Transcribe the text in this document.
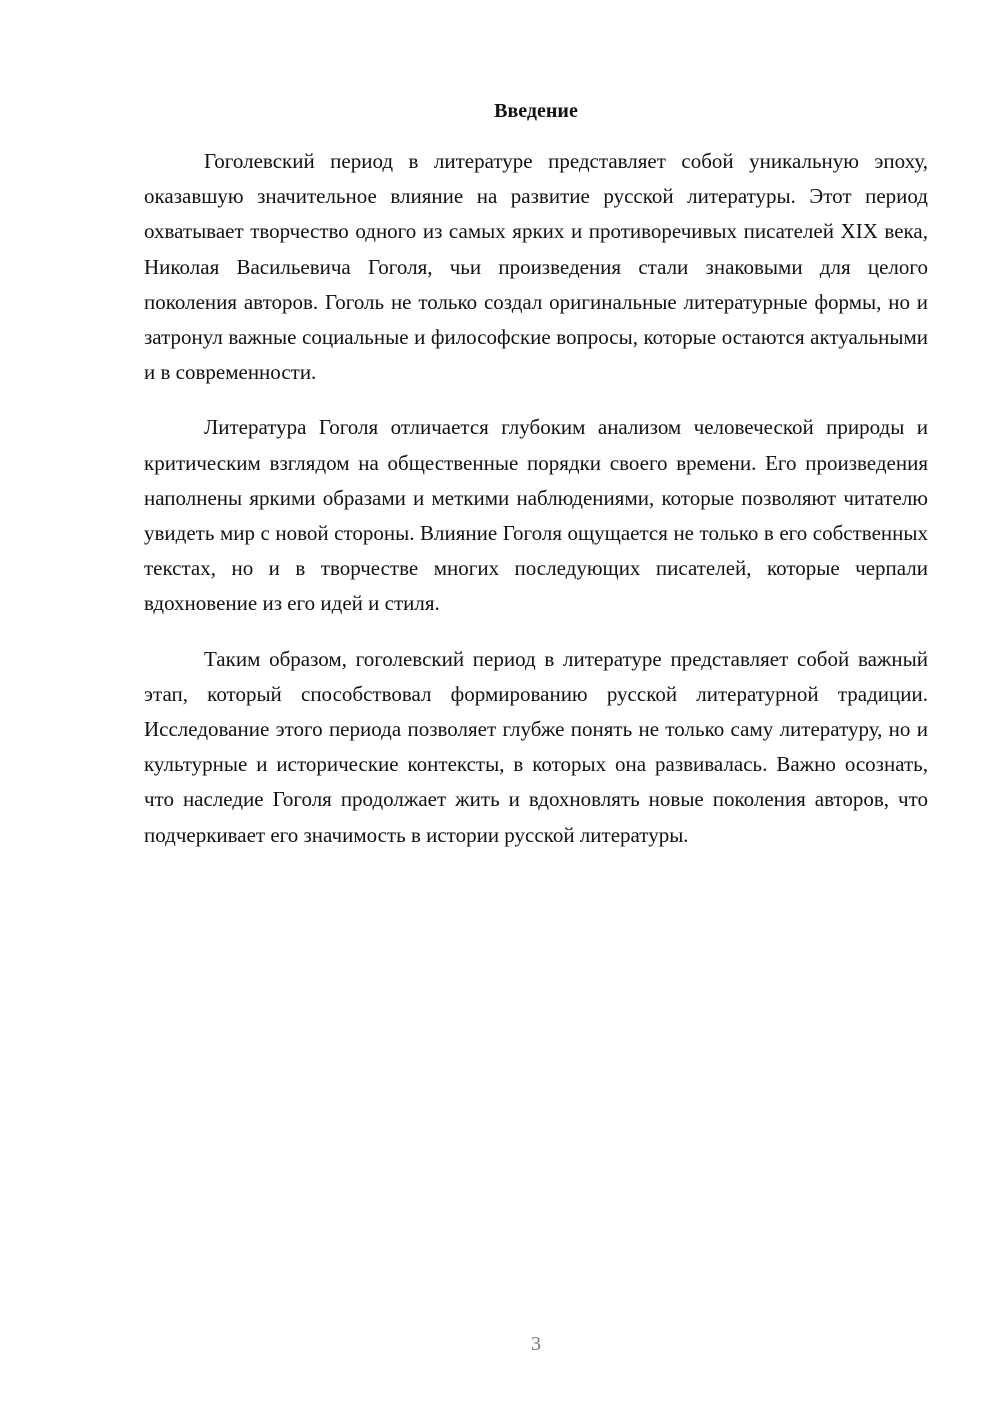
Введение

Гоголевский период в литературе представляет собой уникальную эпоху, оказавшую значительное влияние на развитие русской литературы. Этот период охватывает творчество одного из самых ярких и противоречивых писателей XIX века, Николая Васильевича Гоголя, чьи произведения стали знаковыми для целого поколения авторов. Гоголь не только создал оригинальные литературные формы, но и затронул важные социальные и философские вопросы, которые остаются актуальными и в современности.

Литература Гоголя отличается глубоким анализом человеческой природы и критическим взглядом на общественные порядки своего времени. Его произведения наполнены яркими образами и меткими наблюдениями, которые позволяют читателю увидеть мир с новой стороны. Влияние Гоголя ощущается не только в его собственных текстах, но и в творчестве многих последующих писателей, которые черпали вдохновение из его идей и стиля.

Таким образом, гоголевский период в литературе представляет собой важный этап, который способствовал формированию русской литературной традиции. Исследование этого периода позволяет глубже понять не только саму литературу, но и культурные и исторические контексты, в которых она развивалась. Важно осознать, что наследие Гоголя продолжает жить и вдохновлять новые поколения авторов, что подчеркивает его значимость в истории русской литературы.

3
